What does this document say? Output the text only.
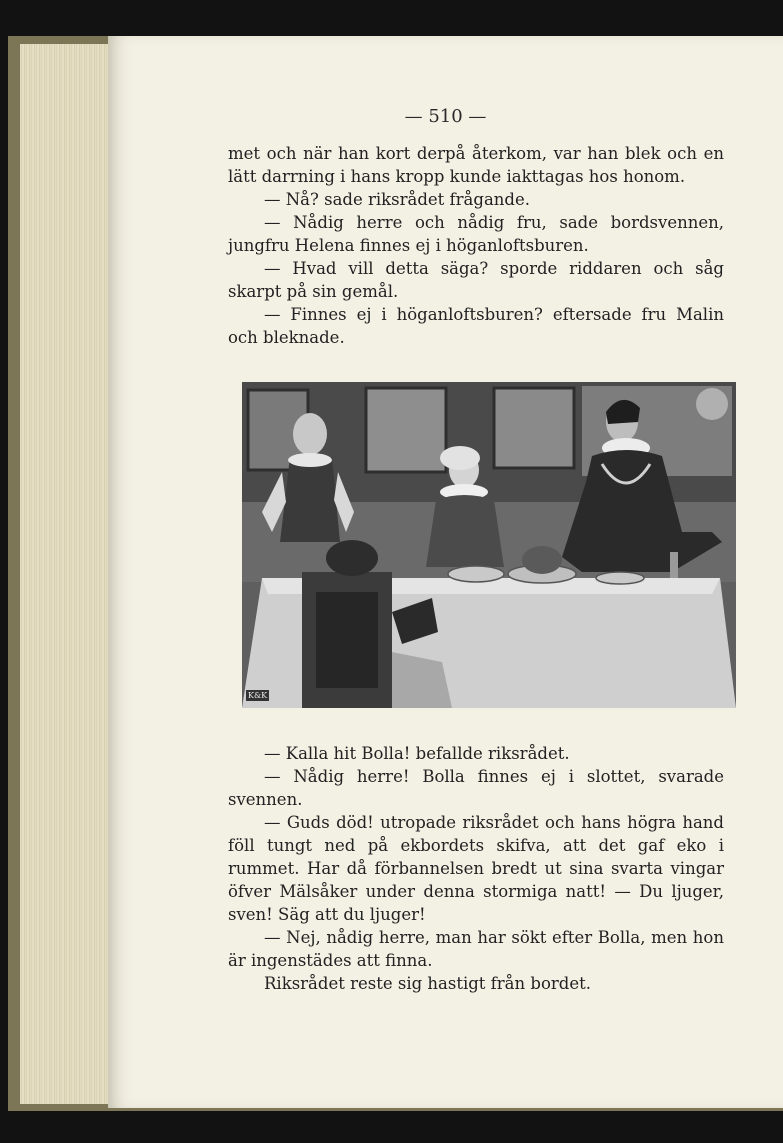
— 510 —

met och när han kort derpå återkom, var han blek och en lätt darrning i hans kropp kunde iakttagas hos honom.

— Nå? sade riksrådet frågande.

— Nådig herre och nådig fru, sade bordsvennen, jungfru Helena finnes ej i höganloftsburen.

— Hvad vill detta säga? sporde riddaren och såg skarpt på sin gemål.

— Finnes ej i höganloftsburen? eftersade fru Malin och bleknade.

K&K

— Kalla hit Bolla! befallde riksrådet.

— Nådig herre! Bolla finnes ej i slottet, svarade svennen.

— Guds död! utropade riksrådet och hans högra hand föll tungt ned på ekbordets skifva, att det gaf eko i rummet. Har då förbannelsen bredt ut sina svarta vingar öfver Mälsåker under denna stormiga natt! — Du ljuger, sven! Säg att du ljuger!

— Nej, nådig herre, man har sökt efter Bolla, men hon är ingenstädes att finna.

Riksrådet reste sig hastigt från bordet.
